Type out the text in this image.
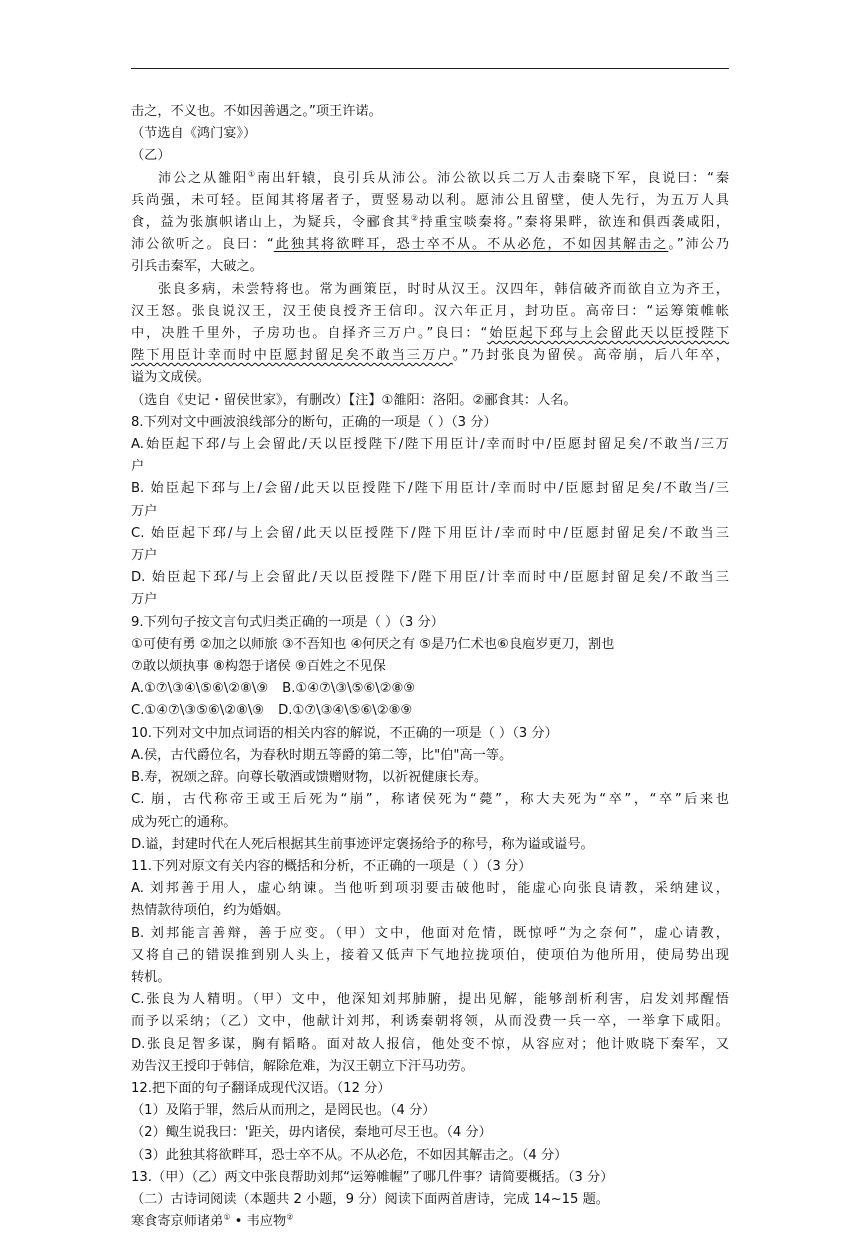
击之，不义也。不如因善遇之。”项王许诺。
（节选自《鸿门宴》）
（乙）
沛公之从雒阳①南出轩辕，良引兵从沛公。沛公欲以兵二万人击秦晓下军，良说曰：“秦
兵尚强，未可轻。臣闻其将屠者子，贾竖易动以利。愿沛公且留壁，使人先行，为五万人具
食，益为张旗帜诸山上，为疑兵，令郦食其②持重宝啖秦将。”秦将果畔，欲连和俱西袭咸阳，
沛公欲听之。良曰：“此独其将欲畔耳，恐士卒不从。不从必危，不如因其解击之。”沛公乃
引兵击秦军，大破之。
张良多病，未尝特将也。常为画策臣，时时从汉王。汉四年，韩信破齐而欲自立为齐王，
汉王怒。张良说汉王，汉王使良授齐王信印。汉六年正月，封功臣。高帝曰：“运筹策帷帐
中，决胜千里外，子房功也。自择齐三万户。”良曰：“始臣起下邳与上会留此天以臣授陛下
陛下用臣计幸而时中臣愿封留足矣不敢当三万户。”乃封张良为留侯。高帝崩，后八年卒，
谥为文成侯。
（选自《史记・留侯世家》，有删改）【注】①雒阳：洛阳。②郦食其：人名。
8.下列对文中画波浪线部分的断句，正确的一项是（ ）（3 分）
A.始臣起下邳/与上会留此/天以臣授陛下/陛下用臣计/幸而时中/臣愿封留足矣/不敢当/三万
户
B. 始臣起下邳与上/会留/此天以臣授陛下/陛下用臣计/幸而时中/臣愿封留足矣/不敢当/三
万户
C. 始臣起下邳/与上会留/此天以臣授陛下/陛下用臣计/幸而时中/臣愿封留足矣/不敢当三
万户
D. 始臣起下邳/与上会留此/天以臣授陛下/陛下用臣/计幸而时中/臣愿封留足矣/不敢当三
万户
9.下列句子按文言句式归类正确的一项是（ ）（3 分）
①可使有勇 ②加之以师旅 ③不吾知也 ④何厌之有 ⑤是乃仁术也⑥良庖岁更刀，割也
⑦敢以烦执事 ⑧构怨于诸侯 ⑨百姓之不见保
A.①⑦\③④\⑤⑥\②⑧\⑨ B.①④⑦\③\⑤⑥\②⑧⑨
C.①④⑦\③⑤⑥\②⑧\⑨ D.①⑦\③④\⑤⑥\②⑧⑨
10.下列对文中加点词语的相关内容的解说，不正确的一项是（ ）（3 分）
A.侯，古代爵位名，为春秋时期五等爵的第二等，比"伯"高一等。
B.寿，祝颂之辞。向尊长敬酒或馈赠财物，以祈祝健康长寿。
C. 崩，古代称帝王或王后死为“崩”，称诸侯死为“薨”，称大夫死为“卒”，“卒”后来也
成为死亡的通称。
D.谥，封建时代在人死后根据其生前事迹评定褒扬给予的称号，称为谥或谥号。
11.下列对原文有关内容的概括和分析，不正确的一项是（ ）（3 分）
A. 刘邦善于用人，虚心纳谏。当他听到项羽要击破他时，能虚心向张良请教，采纳建议，
热情款待项伯，约为婚姻。
B. 刘邦能言善辩，善于应变。（甲）文中，他面对危情，既惊呼“为之奈何”，虚心请教，
又将自己的错误推到别人头上，接着又低声下气地拉拢项伯，使项伯为他所用，使局势出现
转机。
C.张良为人精明。（甲）文中，他深知刘邦肺腑，提出见解，能够剖析利害，启发刘邦醒悟
而予以采纳；（乙）文中，他献计刘邦，利诱秦朝将领，从而没费一兵一卒，一举拿下咸阳。
D.张良足智多谋，胸有韬略。面对故人报信，他处变不惊，从容应对；他计败晓下秦军，又
劝告汉王授印于韩信，解除危难，为汉王朝立下汗马功劳。
12.把下面的句子翻译成现代汉语。（12 分）
（1）及陷于罪，然后从而刑之，是罔民也。（4 分）
（2）鲰生说我曰：'距关，毋内诸侯，秦地可尽王也。（4 分）
（3）此独其将欲畔耳，恐士卒不从。不从必危，不如因其解击之。（4 分）
13.（甲）（乙）两文中张良帮助刘邦“运筹帷幄”了哪几件事？请简要概括。（3 分）
（二）古诗词阅读（本题共 2 小题，9 分）阅读下面两首唐诗，完成 14~15 题。
寒食寄京师诸弟① • 韦应物②
